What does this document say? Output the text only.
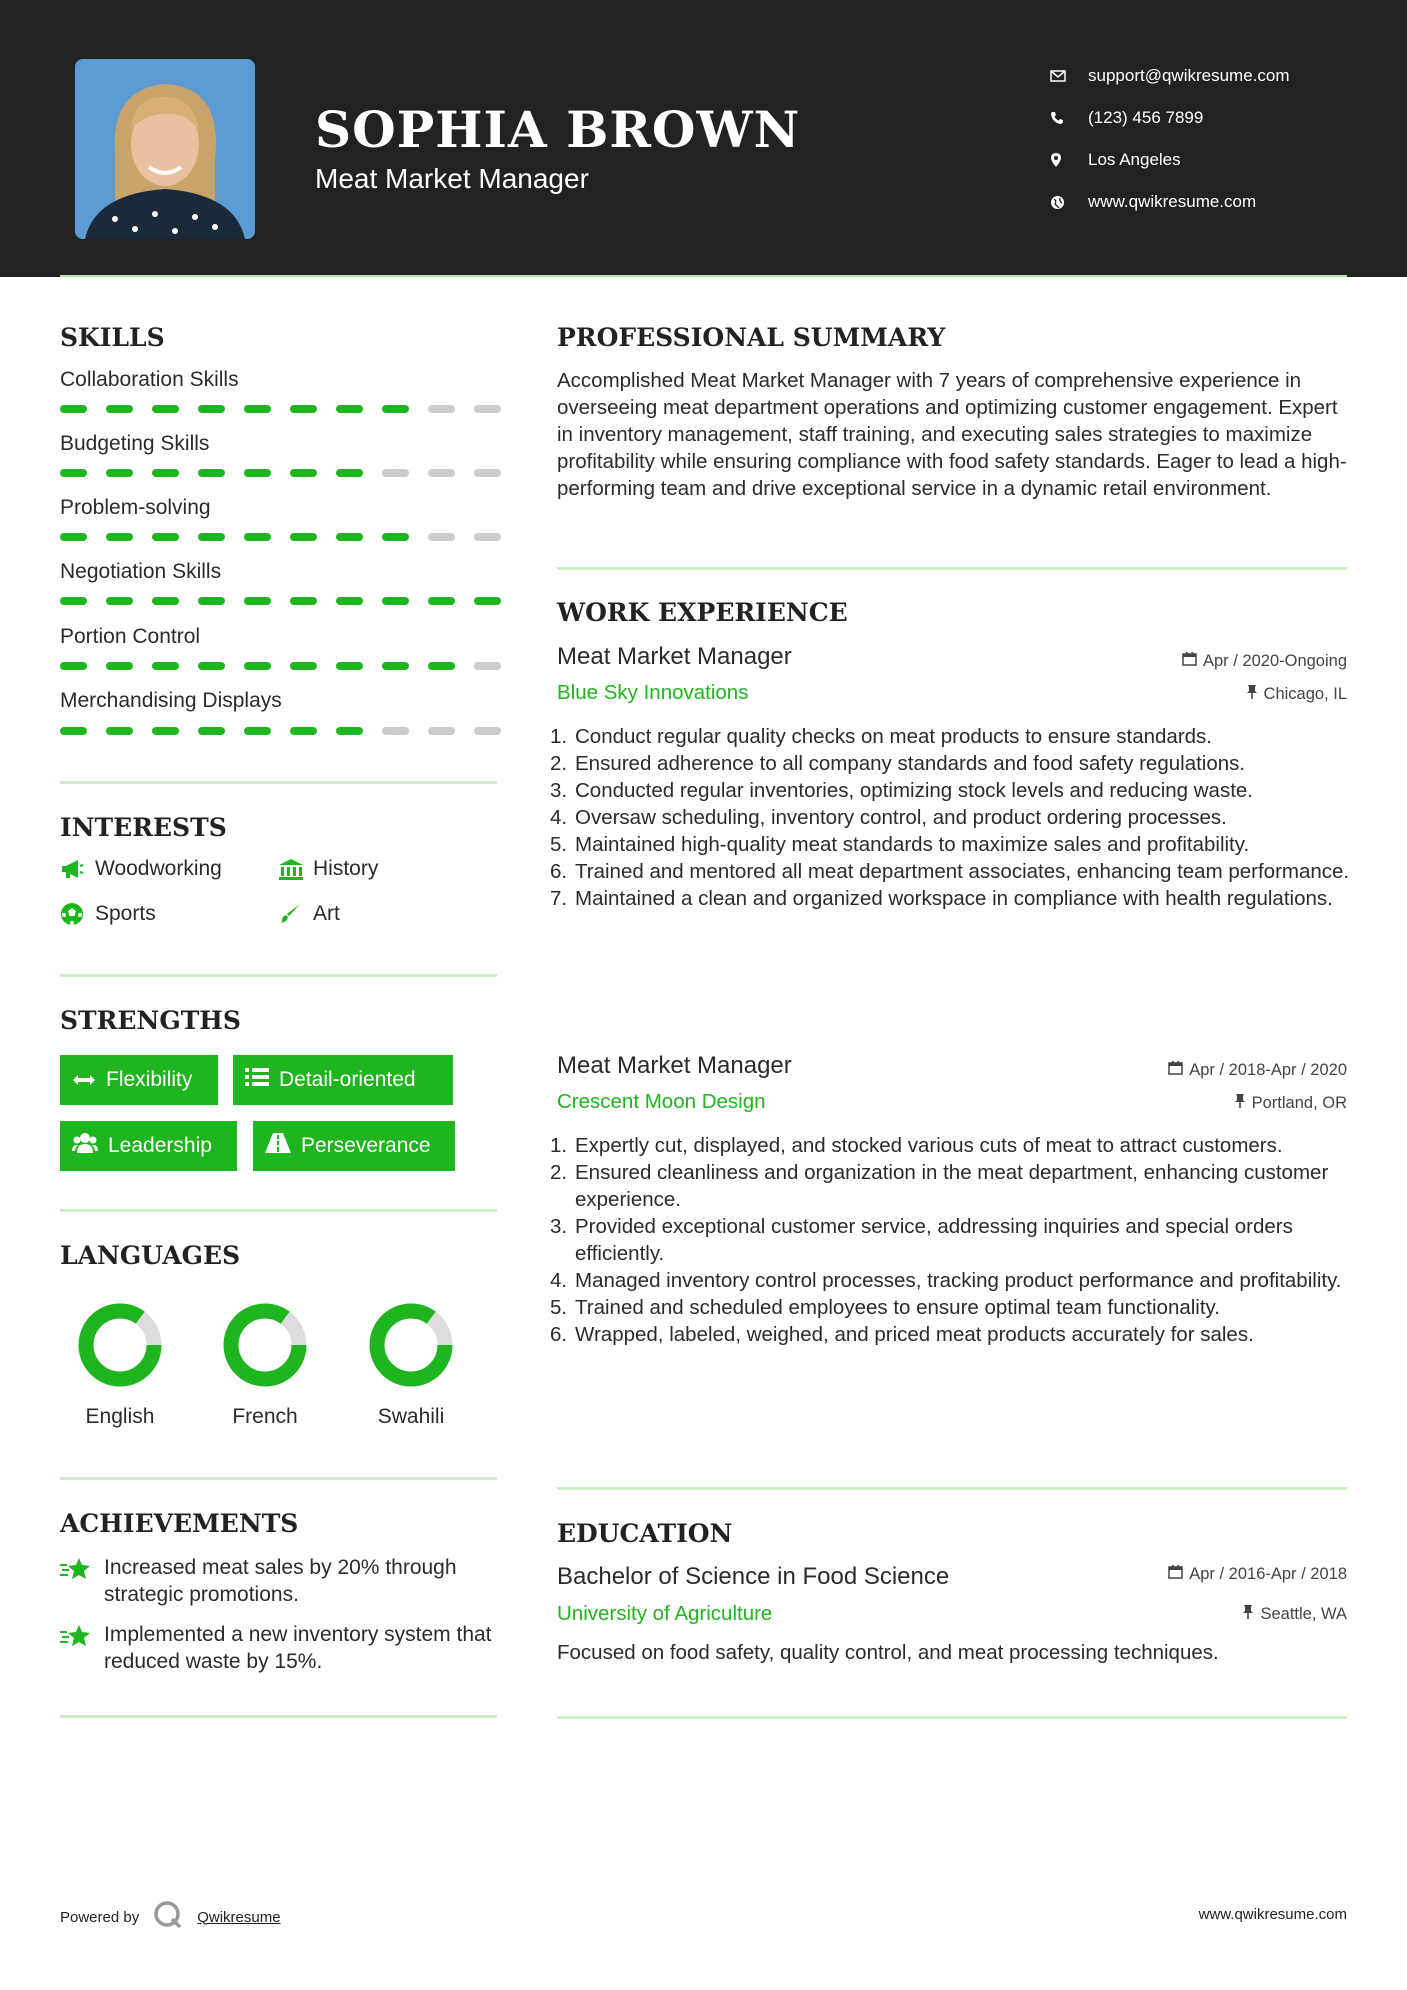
SOPHIA BROWN
Meat Market Manager
support@qwikresume.com
(123) 456 7899
Los Angeles
www.qwikresume.com
SKILLS
Collaboration Skills
Budgeting Skills
Problem-solving
Negotiation Skills
Portion Control
Merchandising Displays
INTERESTS
Woodworking	History
Sports	Art
STRENGTHS
Flexibility	Detail-oriented
Leadership	Perseverance
LANGUAGES
English	French	Swahili
ACHIEVEMENTS
Increased meat sales by 20% through strategic promotions.
Implemented a new inventory system that reduced waste by 15%.
PROFESSIONAL SUMMARY
Accomplished Meat Market Manager with 7 years of comprehensive experience in overseeing meat department operations and optimizing customer engagement. Expert in inventory management, staff training, and executing sales strategies to maximize profitability while ensuring compliance with food safety standards. Eager to lead a high-performing team and drive exceptional service in a dynamic retail environment.
WORK EXPERIENCE
Meat Market Manager	Apr / 2020-Ongoing
Blue Sky Innovations	Chicago, IL
Conduct regular quality checks on meat products to ensure standards.
Ensured adherence to all company standards and food safety regulations.
Conducted regular inventories, optimizing stock levels and reducing waste.
Oversaw scheduling, inventory control, and product ordering processes.
Maintained high-quality meat standards to maximize sales and profitability.
Trained and mentored all meat department associates, enhancing team performance.
Maintained a clean and organized workspace in compliance with health regulations.
Meat Market Manager	Apr / 2018-Apr / 2020
Crescent Moon Design	Portland, OR
Expertly cut, displayed, and stocked various cuts of meat to attract customers.
Ensured cleanliness and organization in the meat department, enhancing customer experience.
Provided exceptional customer service, addressing inquiries and special orders efficiently.
Managed inventory control processes, tracking product performance and profitability.
Trained and scheduled employees to ensure optimal team functionality.
Wrapped, labeled, weighed, and priced meat products accurately for sales.
EDUCATION
Bachelor of Science in Food Science	Apr / 2016-Apr / 2018
University of Agriculture	Seattle, WA
Focused on food safety, quality control, and meat processing techniques.
Powered by	Qwikresume	www.qwikresume.com
